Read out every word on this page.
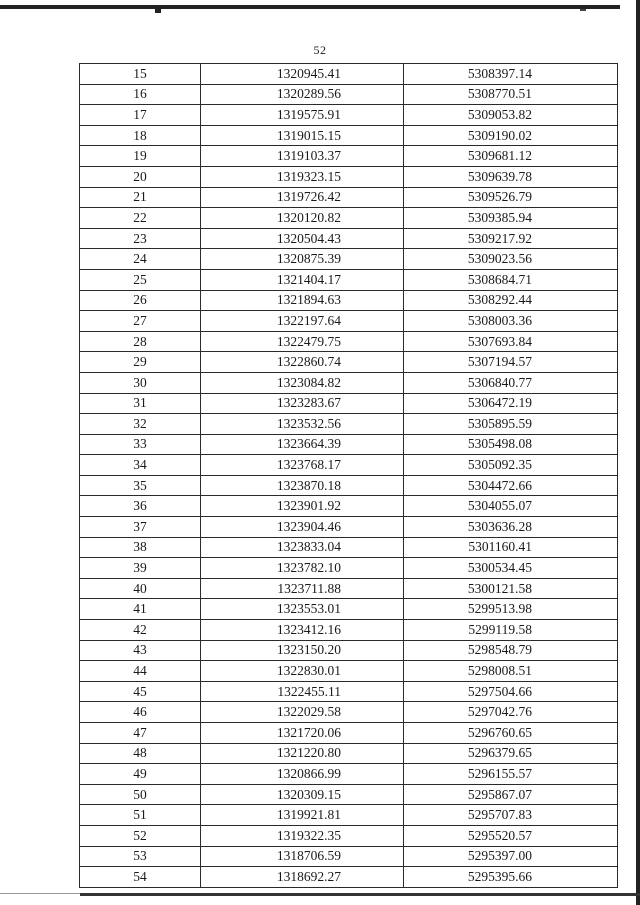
52
15	1320945.41	5308397.14
16	1320289.56	5308770.51
17	1319575.91	5309053.82
18	1319015.15	5309190.02
19	1319103.37	5309681.12
20	1319323.15	5309639.78
21	1319726.42	5309526.79
22	1320120.82	5309385.94
23	1320504.43	5309217.92
24	1320875.39	5309023.56
25	1321404.17	5308684.71
26	1321894.63	5308292.44
27	1322197.64	5308003.36
28	1322479.75	5307693.84
29	1322860.74	5307194.57
30	1323084.82	5306840.77
31	1323283.67	5306472.19
32	1323532.56	5305895.59
33	1323664.39	5305498.08
34	1323768.17	5305092.35
35	1323870.18	5304472.66
36	1323901.92	5304055.07
37	1323904.46	5303636.28
38	1323833.04	5301160.41
39	1323782.10	5300534.45
40	1323711.88	5300121.58
41	1323553.01	5299513.98
42	1323412.16	5299119.58
43	1323150.20	5298548.79
44	1322830.01	5298008.51
45	1322455.11	5297504.66
46	1322029.58	5297042.76
47	1321720.06	5296760.65
48	1321220.80	5296379.65
49	1320866.99	5296155.57
50	1320309.15	5295867.07
51	1319921.81	5295707.83
52	1319322.35	5295520.57
53	1318706.59	5295397.00
54	1318692.27	5295395.66
